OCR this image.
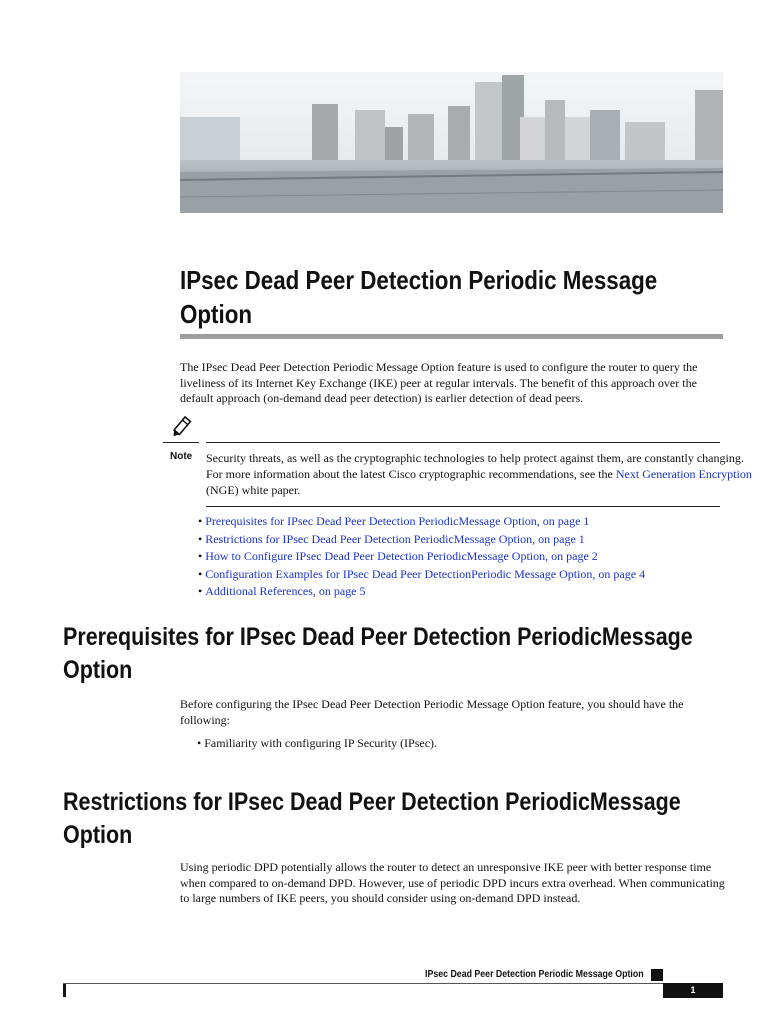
IPsec Dead Peer Detection Periodic Message Option

The IPsec Dead Peer Detection Periodic Message Option feature is used to configure the router to query the liveliness of its Internet Key Exchange (IKE) peer at regular intervals. The benefit of this approach over the default approach (on-demand dead peer detection) is earlier detection of dead peers.

Note Security threats, as well as the cryptographic technologies to help protect against them, are constantly changing. For more information about the latest Cisco cryptographic recommendations, see the Next Generation Encryption (NGE) white paper.

• Prerequisites for IPsec Dead Peer Detection PeriodicMessage Option, on page 1
• Restrictions for IPsec Dead Peer Detection PeriodicMessage Option, on page 1
• How to Configure IPsec Dead Peer Detection PeriodicMessage Option, on page 2
• Configuration Examples for IPsec Dead Peer DetectionPeriodic Message Option, on page 4
• Additional References, on page 5
Prerequisites for IPsec Dead Peer Detection PeriodicMessage Option

Before configuring the IPsec Dead Peer Detection Periodic Message Option feature, you should have the following:

• Familiarity with configuring IP Security (IPsec).

Restrictions for IPsec Dead Peer Detection PeriodicMessage Option

Using periodic DPD potentially allows the router to detect an unresponsive IKE peer with better response time when compared to on-demand DPD. However, use of periodic DPD incurs extra overhead. When communicating to large numbers of IKE peers, you should consider using on-demand DPD instead.

IPsec Dead Peer Detection Periodic Message Option

1
